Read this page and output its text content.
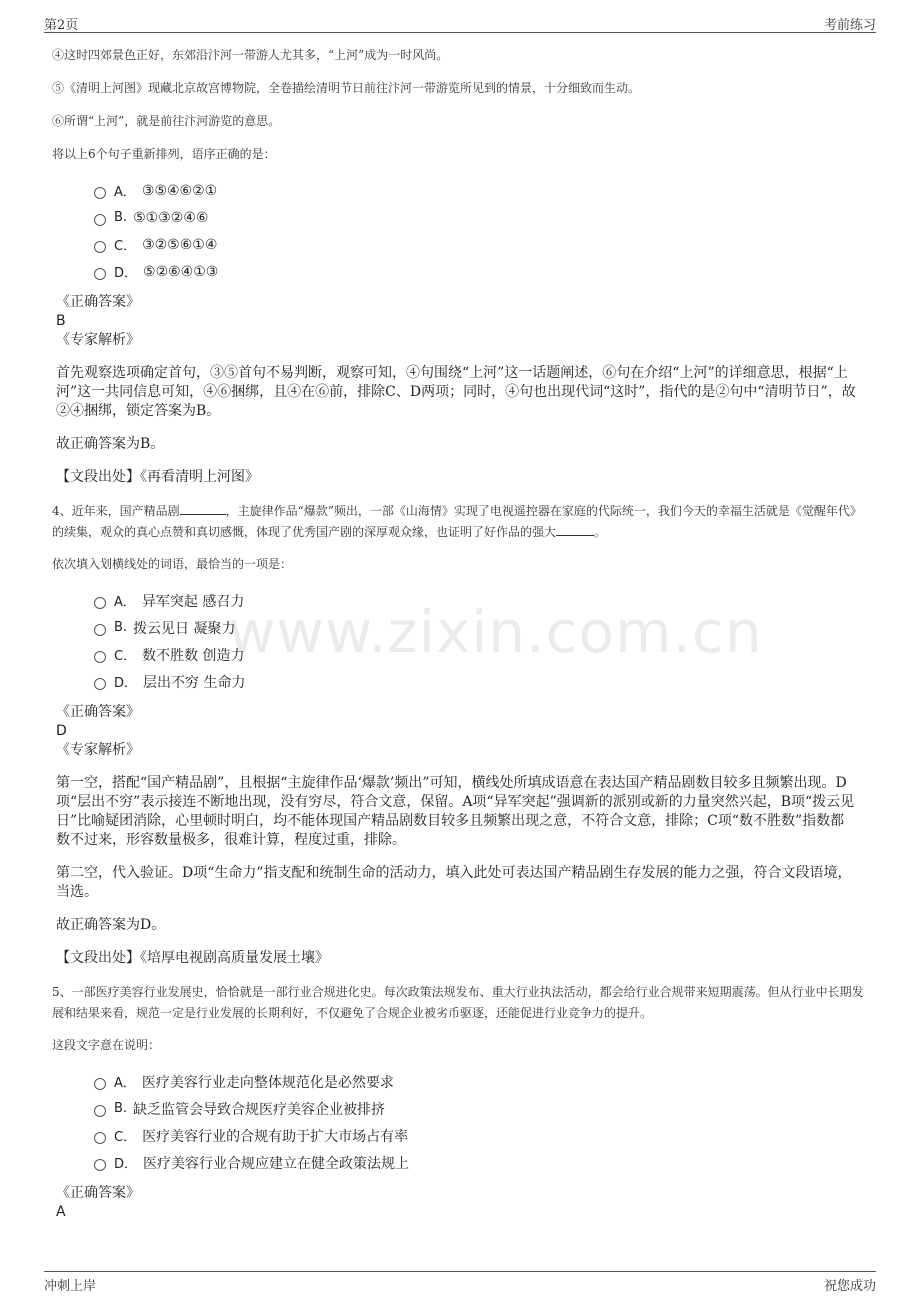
第2页	考前练习
www.zixin.com.cn

④这时四郊景色正好，东郊沿汴河一带游人尤其多，“上河”成为一时风尚。

⑤《清明上河图》现藏北京故宫博物院，全卷描绘清明节日前往汴河一带游览所见到的情景，十分细致而生动。

⑥所谓“上河”，就是前往汴河游览的意思。

将以上6个句子重新排列，语序正确的是：

A． ③⑤④⑥②①
B. ⑤①③②④⑥
C． ③②⑤⑥①④
D． ⑤②⑥④①③
《正确答案》
B
《专家解析》

首先观察选项确定首句，③⑤首句不易判断，观察可知，④句围绕“上河”这一话题阐述，⑥句在介绍“上河”的详细意思，根据“上河”这一共同信息可知，④⑥捆绑，且④在⑥前，排除C、D两项；同时，④句也出现代词“这时”，指代的是②句中“清明节日”，故②④捆绑，锁定答案为B。

故正确答案为B。

【文段出处】《再看清明上河图》

4、近年来，国产精品剧	，主旋律作品“爆款”频出，一部《山海情》实现了电视遥控器在家庭的代际统一，我们今天的幸福生活就是《觉醒年代》的续集，观众的真心点赞和真切感慨，体现了优秀国产剧的深厚观众缘，也证明了好作品的强大	。

依次填入划横线处的词语，最恰当的一项是：

A． 异军突起 感召力
B. 拨云见日 凝聚力
C． 数不胜数 创造力
D． 层出不穷 生命力
《正确答案》
D
《专家解析》

第一空，搭配“国产精品剧”，且根据“主旋律作品‘爆款’频出”可知，横线处所填成语意在表达国产精品剧数目较多且频繁出现。D项“层出不穷”表示接连不断地出现，没有穷尽，符合文意，保留。A项“异军突起”强调新的派别或新的力量突然兴起，B项“拨云见日”比喻疑团消除，心里顿时明白，均不能体现国产精品剧数目较多且频繁出现之意，不符合文意，排除；C项“数不胜数”指数都数不过来，形容数量极多，很难计算，程度过重，排除。

第二空，代入验证。D项“生命力”指支配和统制生命的活动力，填入此处可表达国产精品剧生存发展的能力之强，符合文段语境，当选。

故正确答案为D。

【文段出处】《培厚电视剧高质量发展土壤》

5、一部医疗美容行业发展史，恰恰就是一部行业合规进化史。每次政策法规发布、重大行业执法活动，都会给行业合规带来短期震荡。但从行业中长期发展和结果来看，规范一定是行业发展的长期利好，不仅避免了合规企业被劣币驱逐，还能促进行业竞争力的提升。

这段文字意在说明：

A． 医疗美容行业走向整体规范化是必然要求
B. 缺乏监管会导致合规医疗美容企业被排挤
C． 医疗美容行业的合规有助于扩大市场占有率
D． 医疗美容行业合规应建立在健全政策法规上
《正确答案》
A
冲刺上岸	祝您成功
